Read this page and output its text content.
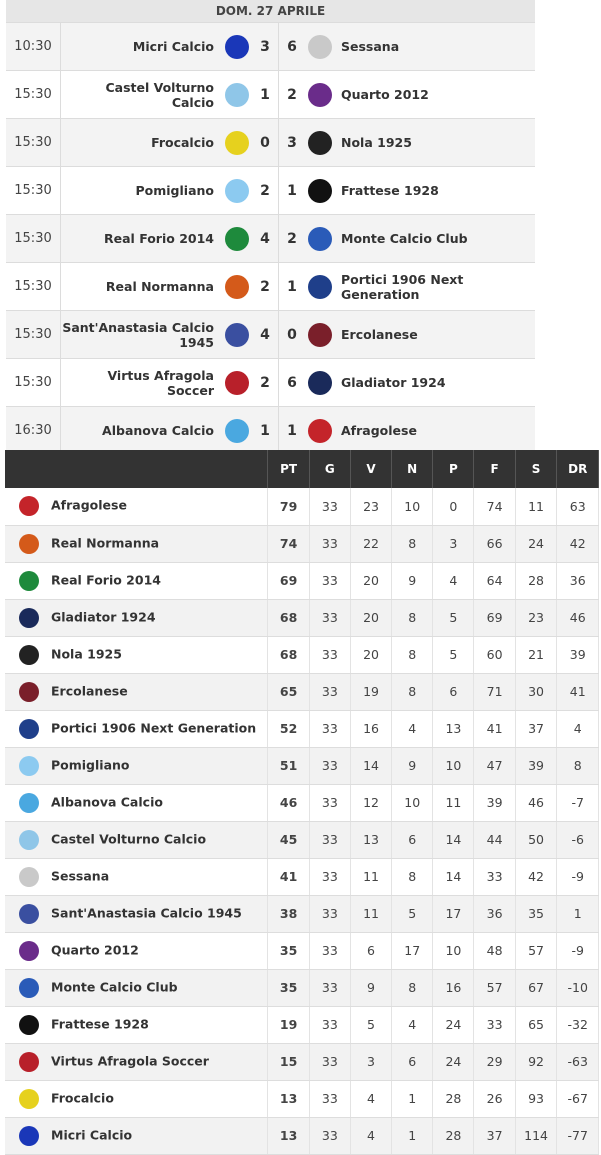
DOM. 27 APRILE
10:30	Micri Calcio	3	6	Sessana
15:30	Castel Volturno Calcio	1	2	Quarto 2012
15:30	Frocalcio	0	3	Nola 1925
15:30	Pomigliano	2	1	Frattese 1928
15:30	Real Forio 2014	4	2	Monte Calcio Club
15:30	Real Normanna	2	1	Portici 1906 Next Generation
15:30 Sant'Anastasia Calcio 1945	4	0	Ercolanese
15:30	Virtus Afragola Soccer	2	6	Gladiator 1924
16:30	Albanova Calcio	1	1	Afragolese
	PT	G	V	N	P	F	S	DR
Afragolese	79	33	23	10	0	74	11	63
Real Normanna	74	33	22	8	3	66	24	42
Real Forio 2014	69	33	20	9	4	64	28	36
Gladiator 1924	68	33	20	8	5	69	23	46
Nola 1925	68	33	20	8	5	60	21	39
Ercolanese	65	33	19	8	6	71	30	41
Portici 1906 Next Generation	52	33	16	4	13	41	37	4
Pomigliano	51	33	14	9	10	47	39	8
Albanova Calcio	46	33	12	10	11	39	46	-7
Castel Volturno Calcio	45	33	13	6	14	44	50	-6
Sessana	41	33	11	8	14	33	42	-9
Sant'Anastasia Calcio 1945	38	33	11	5	17	36	35	1
Quarto 2012	35	33	6	17	10	48	57	-9
Monte Calcio Club	35	33	9	8	16	57	67	-10
Frattese 1928	19	33	5	4	24	33	65	-32
Virtus Afragola Soccer	15	33	3	6	24	29	92	-63
Frocalcio	13	33	4	1	28	26	93	-67
Micri Calcio	13	33	4	1	28	37	114	-77
